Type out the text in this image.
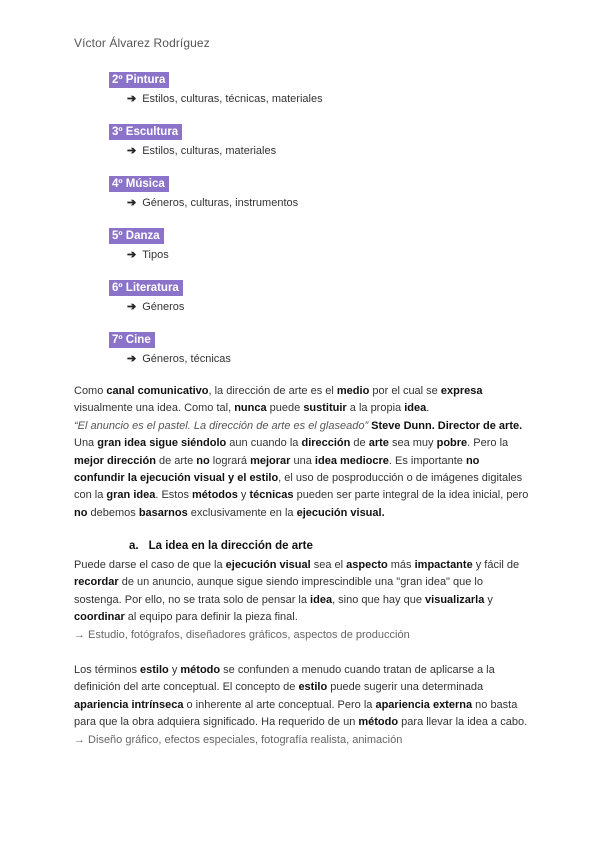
Víctor Álvarez Rodríguez
2º Pintura
➔ Estilos, culturas, técnicas, materiales
3º Escultura
➔ Estilos, culturas, materiales
4º Música
➔ Géneros, culturas, instrumentos
5º Danza
➔ Tipos
6º Literatura
➔ Géneros
7º Cine
➔ Géneros, técnicas
Como canal comunicativo, la dirección de arte es el medio por el cual se expresa visualmente una idea. Como tal, nunca puede sustituir a la propia idea.
“El anuncio es el pastel. La dirección de arte es el glaseado” Steve Dunn. Director de arte.
Una gran idea sigue siéndolo aun cuando la dirección de arte sea muy pobre. Pero la mejor dirección de arte no logrará mejorar una idea mediocre. Es importante no confundir la ejecución visual y el estilo, el uso de posproducción o de imágenes digitales con la gran idea. Estos métodos y técnicas pueden ser parte integral de la idea inicial, pero no debemos basarnos exclusivamente en la ejecución visual.
a. La idea en la dirección de arte
Puede darse el caso de que la ejecución visual sea el aspecto más impactante y fácil de recordar de un anuncio, aunque sigue siendo imprescindible una "gran idea" que lo sostenga. Por ello, no se trata solo de pensar la idea, sino que hay que visualizarla y coordinar al equipo para definir la pieza final.
→ Estudio, fotógrafos, diseñadores gráficos, aspectos de producción
Los términos estilo y método se confunden a menudo cuando tratan de aplicarse a la definición del arte conceptual. El concepto de estilo puede sugerir una determinada apariencia intrínseca o inherente al arte conceptual. Pero la apariencia externa no basta para que la obra adquiera significado. Ha requerido de un método para llevar la idea a cabo.
→ Diseño gráfico, efectos especiales, fotografía realista, animación
